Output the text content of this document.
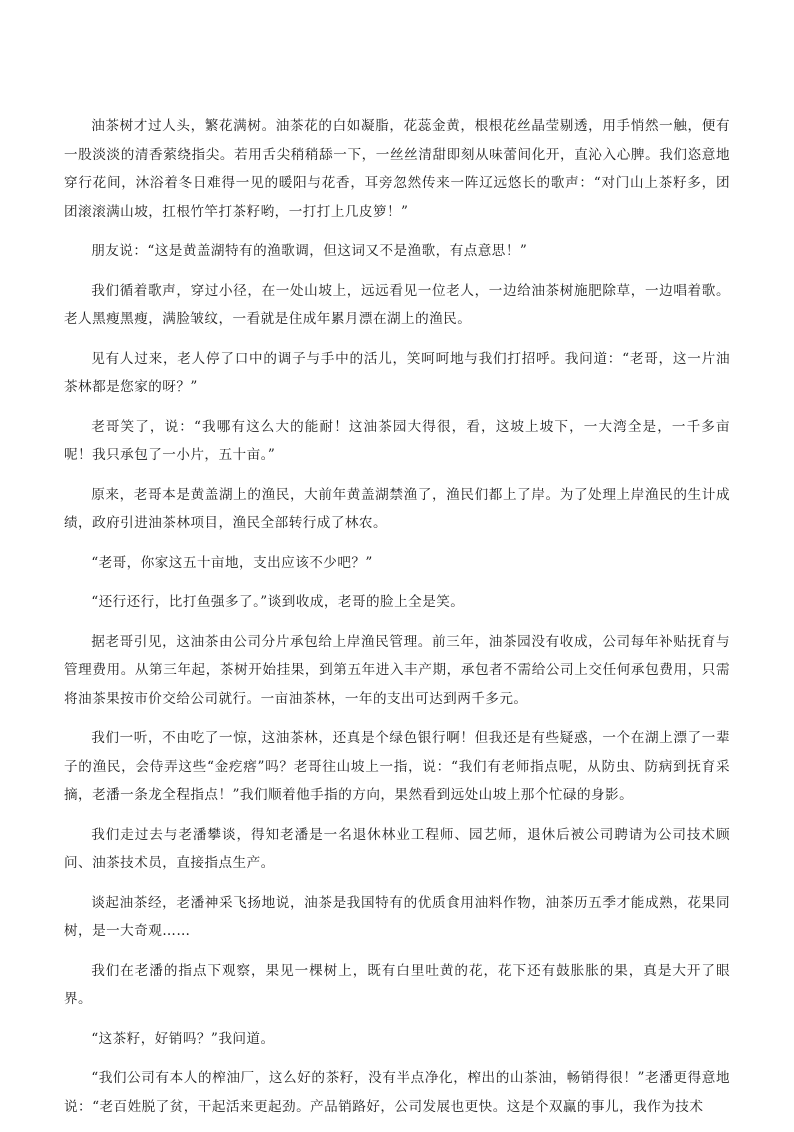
油茶树才过人头，繁花满树。油茶花的白如凝脂，花蕊金黄，根根花丝晶莹剔透，用手悄然一触，便有一股淡淡的清香萦绕指尖。若用舌尖稍稍舔一下，一丝丝清甜即刻从味蕾间化开，直沁入心脾。我们恣意地穿行花间，沐浴着冬日难得一见的暖阳与花香，耳旁忽然传来一阵辽远悠长的歌声：“对门山上茶籽多，团团滚滚满山坡，扛根竹竿打茶籽哟，一打打上几皮箩！”

朋友说：“这是黄盖湖特有的渔歌调，但这词又不是渔歌，有点意思！”

我们循着歌声，穿过小径，在一处山坡上，远远看见一位老人，一边给油茶树施肥除草，一边唱着歌。老人黑瘦黑瘦，满脸皱纹，一看就是住成年累月漂在湖上的渔民。

见有人过来，老人停了口中的调子与手中的活儿，笑呵呵地与我们打招呼。我问道：“老哥，这一片油茶林都是您家的呀？”

老哥笑了，说：“我哪有这么大的能耐！这油茶园大得很，看，这坡上坡下，一大湾全是，一千多亩呢！我只承包了一小片，五十亩。”

原来，老哥本是黄盖湖上的渔民，大前年黄盖湖禁渔了，渔民们都上了岸。为了处理上岸渔民的生计成绩，政府引进油茶林项目，渔民全部转行成了林农。

“老哥，你家这五十亩地，支出应该不少吧？”

“还行还行，比打鱼强多了。”谈到收成，老哥的脸上全是笑。

据老哥引见，这油茶由公司分片承包给上岸渔民管理。前三年，油茶园没有收成，公司每年补贴抚育与管理费用。从第三年起，茶树开始挂果，到第五年进入丰产期，承包者不需给公司上交任何承包费用，只需将油茶果按市价交给公司就行。一亩油茶林，一年的支出可达到两千多元。

我们一听，不由吃了一惊，这油茶林，还真是个绿色银行啊！但我还是有些疑惑，一个在湖上漂了一辈子的渔民，会侍弄这些“金疙瘩”吗？老哥往山坡上一指，说：“我们有老师指点呢，从防虫、防病到抚育采摘，老潘一条龙全程指点！”我们顺着他手指的方向，果然看到远处山坡上那个忙碌的身影。

我们走过去与老潘攀谈，得知老潘是一名退休林业工程师、园艺师，退休后被公司聘请为公司技术顾问、油茶技术员，直接指点生产。

谈起油茶经，老潘神采飞扬地说，油茶是我国特有的优质食用油料作物，油茶历五季才能成熟，花果同树，是一大奇观……

我们在老潘的指点下观察，果见一棵树上，既有白里吐黄的花，花下还有鼓胀胀的果，真是大开了眼界。

“这茶籽，好销吗？”我问道。

“我们公司有本人的榨油厂，这么好的茶籽，没有半点净化，榨出的山茶油，畅销得很！”老潘更得意地说：“老百姓脱了贫，干起活来更起劲。产品销路好，公司发展也更快。这是个双赢的事儿，我作为技术
